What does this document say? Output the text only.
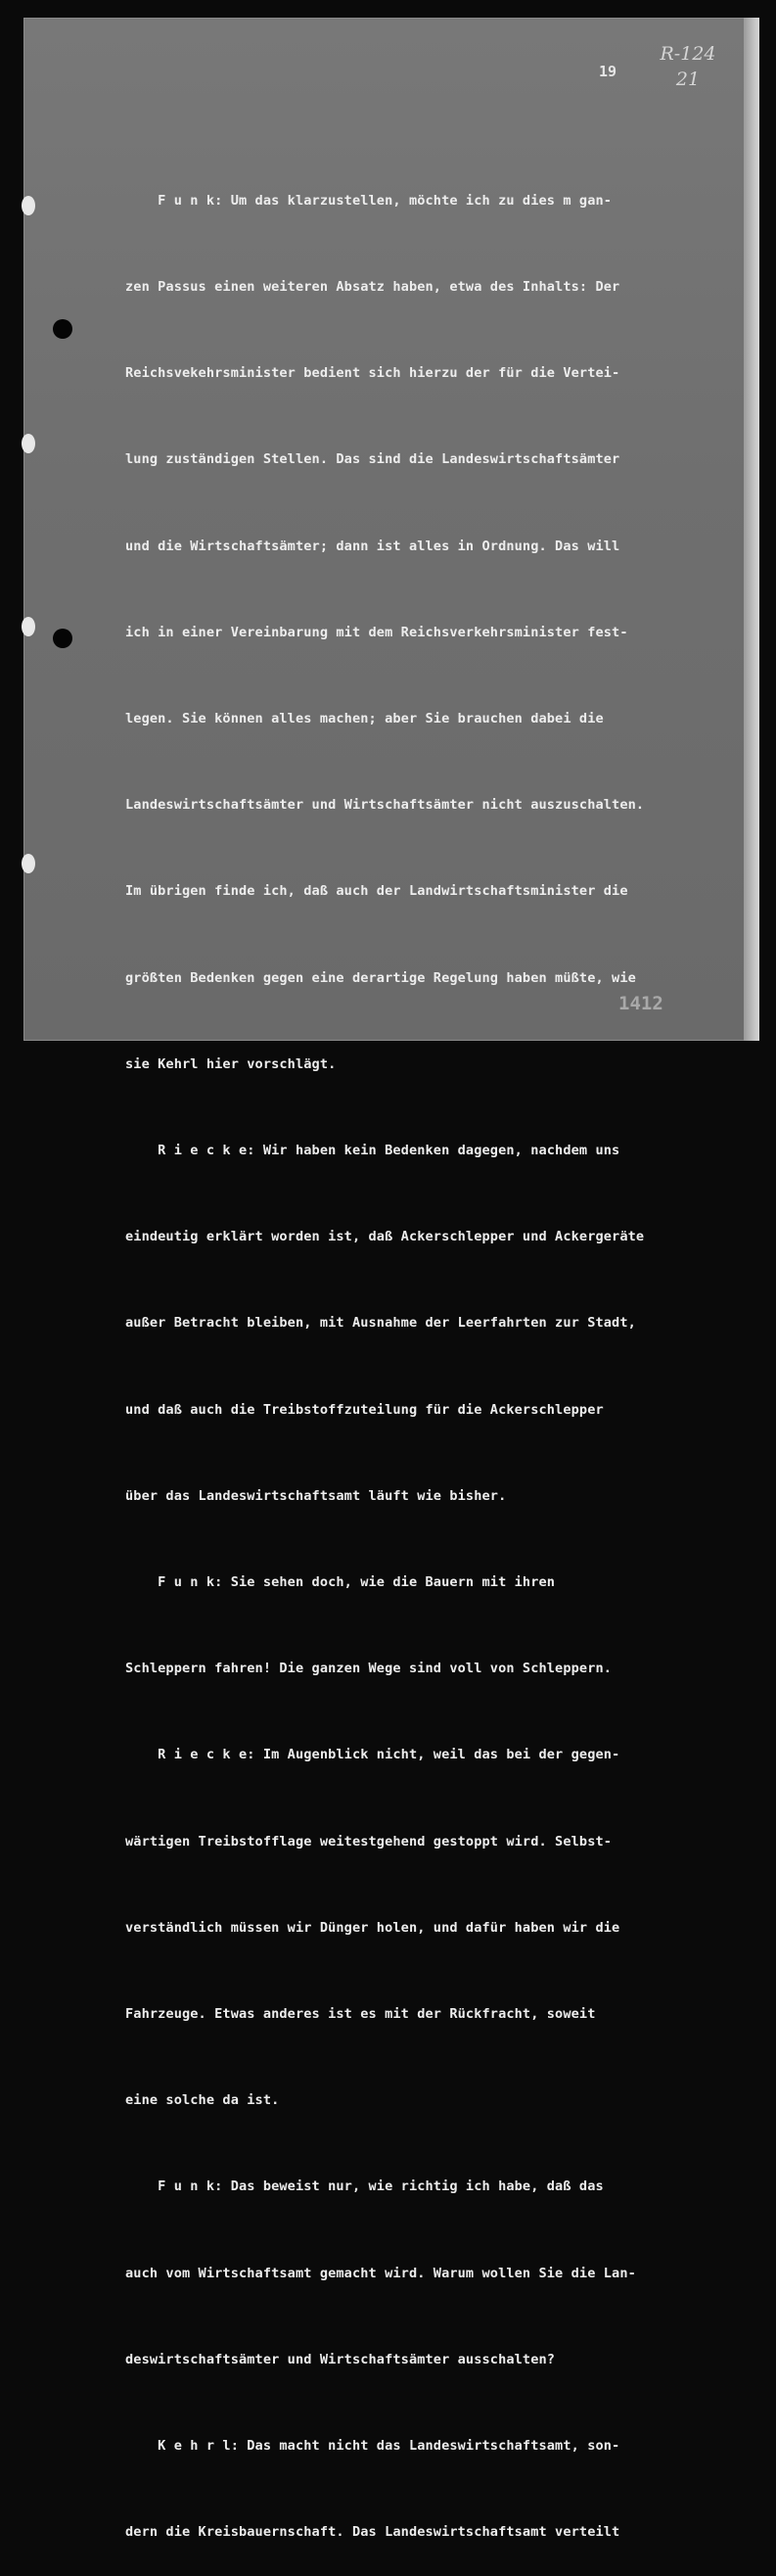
R-124
21
19

F u n k: Um das klarzustellen, möchte ich zu dies m gan-

zen Passus einen weiteren Absatz haben, etwa des Inhalts: Der

Reichsvekehrsminister bedient sich hierzu der für die Vertei-

lung zuständigen Stellen. Das sind die Landeswirtschaftsämter

und die Wirtschaftsämter; dann ist alles in Ordnung. Das will

ich in einer Vereinbarung mit dem Reichsverkehrsminister fest-

legen. Sie können alles machen; aber Sie brauchen dabei die

Landeswirtschaftsämter und Wirtschaftsämter nicht auszuschalten.

Im übrigen finde ich, daß auch der Landwirtschaftsminister die

größten Bedenken gegen eine derartige Regelung haben müßte, wie

sie Kehrl hier vorschlägt.

R i e c k e: Wir haben kein Bedenken dagegen, nachdem uns

eindeutig erklärt worden ist, daß Ackerschlepper und Ackergeräte

außer Betracht bleiben, mit Ausnahme der Leerfahrten zur Stadt,

und daß auch die Treibstoffzuteilung für die Ackerschlepper

über das Landeswirtschaftsamt läuft wie bisher.

F u n k: Sie sehen doch, wie die Bauern mit ihren

Schleppern fahren! Die ganzen Wege sind voll von Schleppern.

R i e c k e: Im Augenblick nicht, weil das bei der gegen-

wärtigen Treibstofflage weitestgehend gestoppt wird. Selbst-

verständlich müssen wir Dünger holen, und dafür haben wir die

Fahrzeuge. Etwas anderes ist es mit der Rückfracht, soweit

eine solche da ist.

F u n k: Das beweist nur, wie richtig ich habe, daß das

auch vom Wirtschaftsamt gemacht wird. Warum wollen Sie die Lan-

deswirtschaftsämter und Wirtschaftsämter ausschalten?

K e h r l: Das macht nicht das Landeswirtschaftsamt, son-

dern die Kreisbauernschaft. Das Landeswirtschaftsamt verteilt

1412
